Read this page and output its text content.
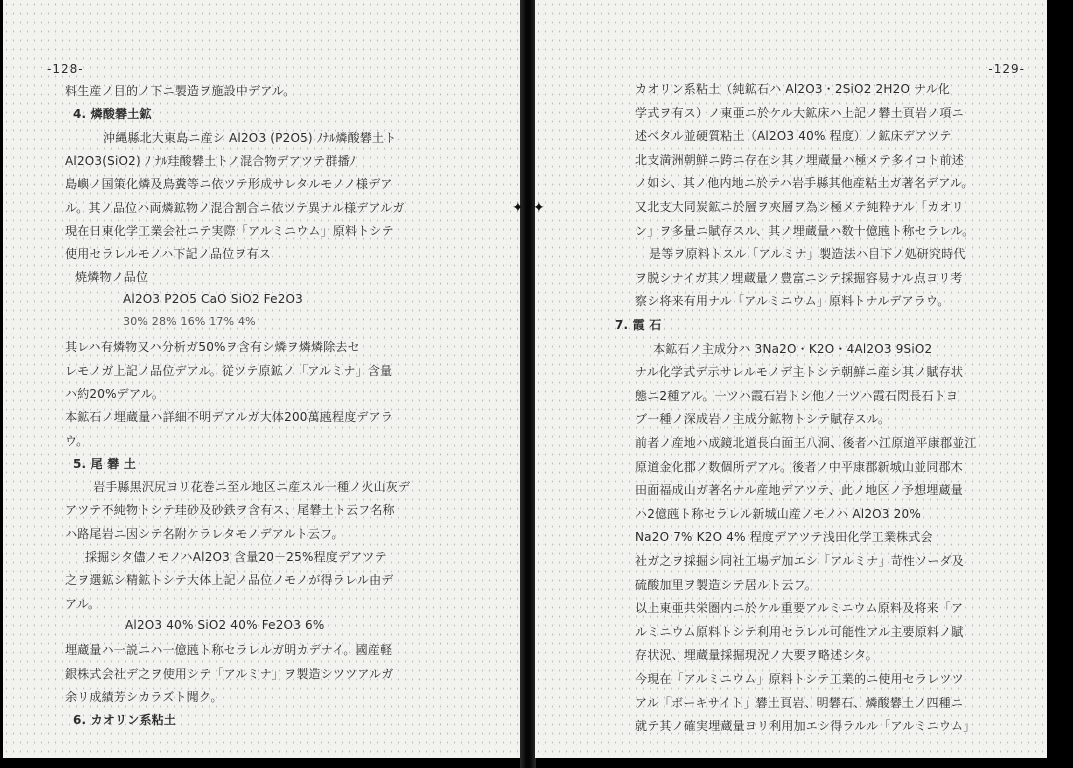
-128-
料生産ノ目的ノ下ニ製造ヲ施設中デアル。
4. 燐酸礬土鉱
沖縄縣北大東島ニ産シ Al2O3 (P2O5) ﾉﾅﾙ燐酸礬土ト
Al2O3(SiO2) ﾉ ﾅﾙ珪酸礬土トノ混合物デアツテ群播ﾉ
島嶼ノ国策化燐及鳥糞等ニ依ツテ形成サレタルモノノ様デア
ル。其ノ品位ハ両燐鉱物ノ混合割合ニ依ツテ異ナル様デアルガ
現在日東化学工業会社ニテ実際「アルミニウム」原料トシテ
使用セラレルモノハ下記ノ品位ヲ有ス
焼燐物ノ品位
Al2O3 P2O5 CaO SiO2 Fe2O3
30% 28% 16% 17% 4%
其レハ有燐物又ハ分析ガ50%ヲ含有シ燐ヲ燐燐除去セ
レモノガ上記ノ品位デアル。従ツテ原鉱ノ「アルミナ」含量
ハ約20%デアル。
本鉱石ノ埋蔵量ハ詳細不明デアルガ大体200萬瓲程度デアラ
ウ。
5. 尾 礬 土
岩手縣黒沢尻ヨリ花巻ニ至ル地区ニ産スル一種ノ火山灰デ
アツテ不純物トシテ珪砂及砂鉄ヲ含有ス、尾礬土ト云フ名称
ハ路尾岩ニ因シテ名附ケラレタモノデアルト云フ。
採掘シタ儘ノモノハAl2O3 含量20－25%程度デアツテ
之ヲ選鉱シ精鉱トシテ大体上記ノ品位ノモノが得ラレル由デ
アル。
Al2O3 40% SiO2 40% Fe2O3 6%
埋蔵量ハ一説ニハ一億瓲ト称セラレルガ明カデナイ。國産軽
銀株式会社デ之ヲ使用シテ「アルミナ」ヲ製造シツツアルガ
余リ成績芳シカラズト聞ク。
6. カオリン系粘土
-129-
カオリン系粘土（純鉱石ハ Al2O3・2SiO2 2H2O ナル化
学式ヲ有ス）ノ東亜ニ於ケル大鉱床ハ上記ノ礬土頁岩ノ項ニ
述べタル並硬質粘土（Al2O3 40% 程度）ノ鉱床デアツテ
北支満洲朝鮮ニ跨ニ存在シ其ノ埋蔵量ハ極メテ多イコト前述
ノ如シ、其ノ他内地ニ於テハ岩手縣其他産粘土ガ著名デアル。
又北支大同炭鉱ニ於層ヲ夾層ヲ為シ極メテ純粋ナル「カオリ
ン」ヲ多量ニ賦存スル、其ノ埋蔵量ハ数十億瓲ト称セラレル。
是等ヲ原料トスル「アルミナ」製造法ハ目下ノ処研究時代
ヲ脱シナイガ其ノ埋蔵量ノ豊富ニシテ採掘容易ナル点ヨリ考
察シ将来有用ナル「アルミニウム」原料トナルデアラウ。
7. 霞 石
本鉱石ノ主成分ハ 3Na2O・K2O・4Al2O3 9SiO2
ナル化学式デ示サレルモノデ主トシテ朝鮮ニ産シ其ノ賦存状
態ニ2種アル。一ツハ霞石岩トシ他ノ一ツハ霞石閃長石トヨ
ブ一種ノ深成岩ノ主成分鉱物トシテ賦存スル。
前者ノ産地ハ成鏡北道長白面王八洞、後者ハ江原道平康郡並江
原道金化郡ノ数個所デアル。後者ノ中平康郡新城山並同郡木
田面福成山ガ著名ナル産地デアツテ、此ノ地区ノ予想埋蔵量
ハ2億瓲ト称セラレル新城山産ノモノハ Al2O3 20%
Na2O 7% K2O 4% 程度デアツテ浅田化学工業株式会
社ガ之ヲ採掘シ同社工場デ加エシ「アルミナ」苛性ソーダ及
硫酸加里ヲ製造シテ居ルト云フ。
以上東亜共栄圏内ニ於ケル重要アルミニウム原料及将来「ア
ルミニウム原料トシテ利用セラレル可能性アル主要原料ノ賦
存状況、埋蔵量採掘現況ノ大要ヲ略述シタ。
今現在「アルミニウム」原料トシテ工業的ニ使用セラレツツ
アル「ボーキサイト」礬土頁岩、明礬石、燐酸礬土ノ四種ニ
就テ其ノ確実埋蔵量ヨリ利用加エシ得ラルル「アルミニウム」
✦ ✦
